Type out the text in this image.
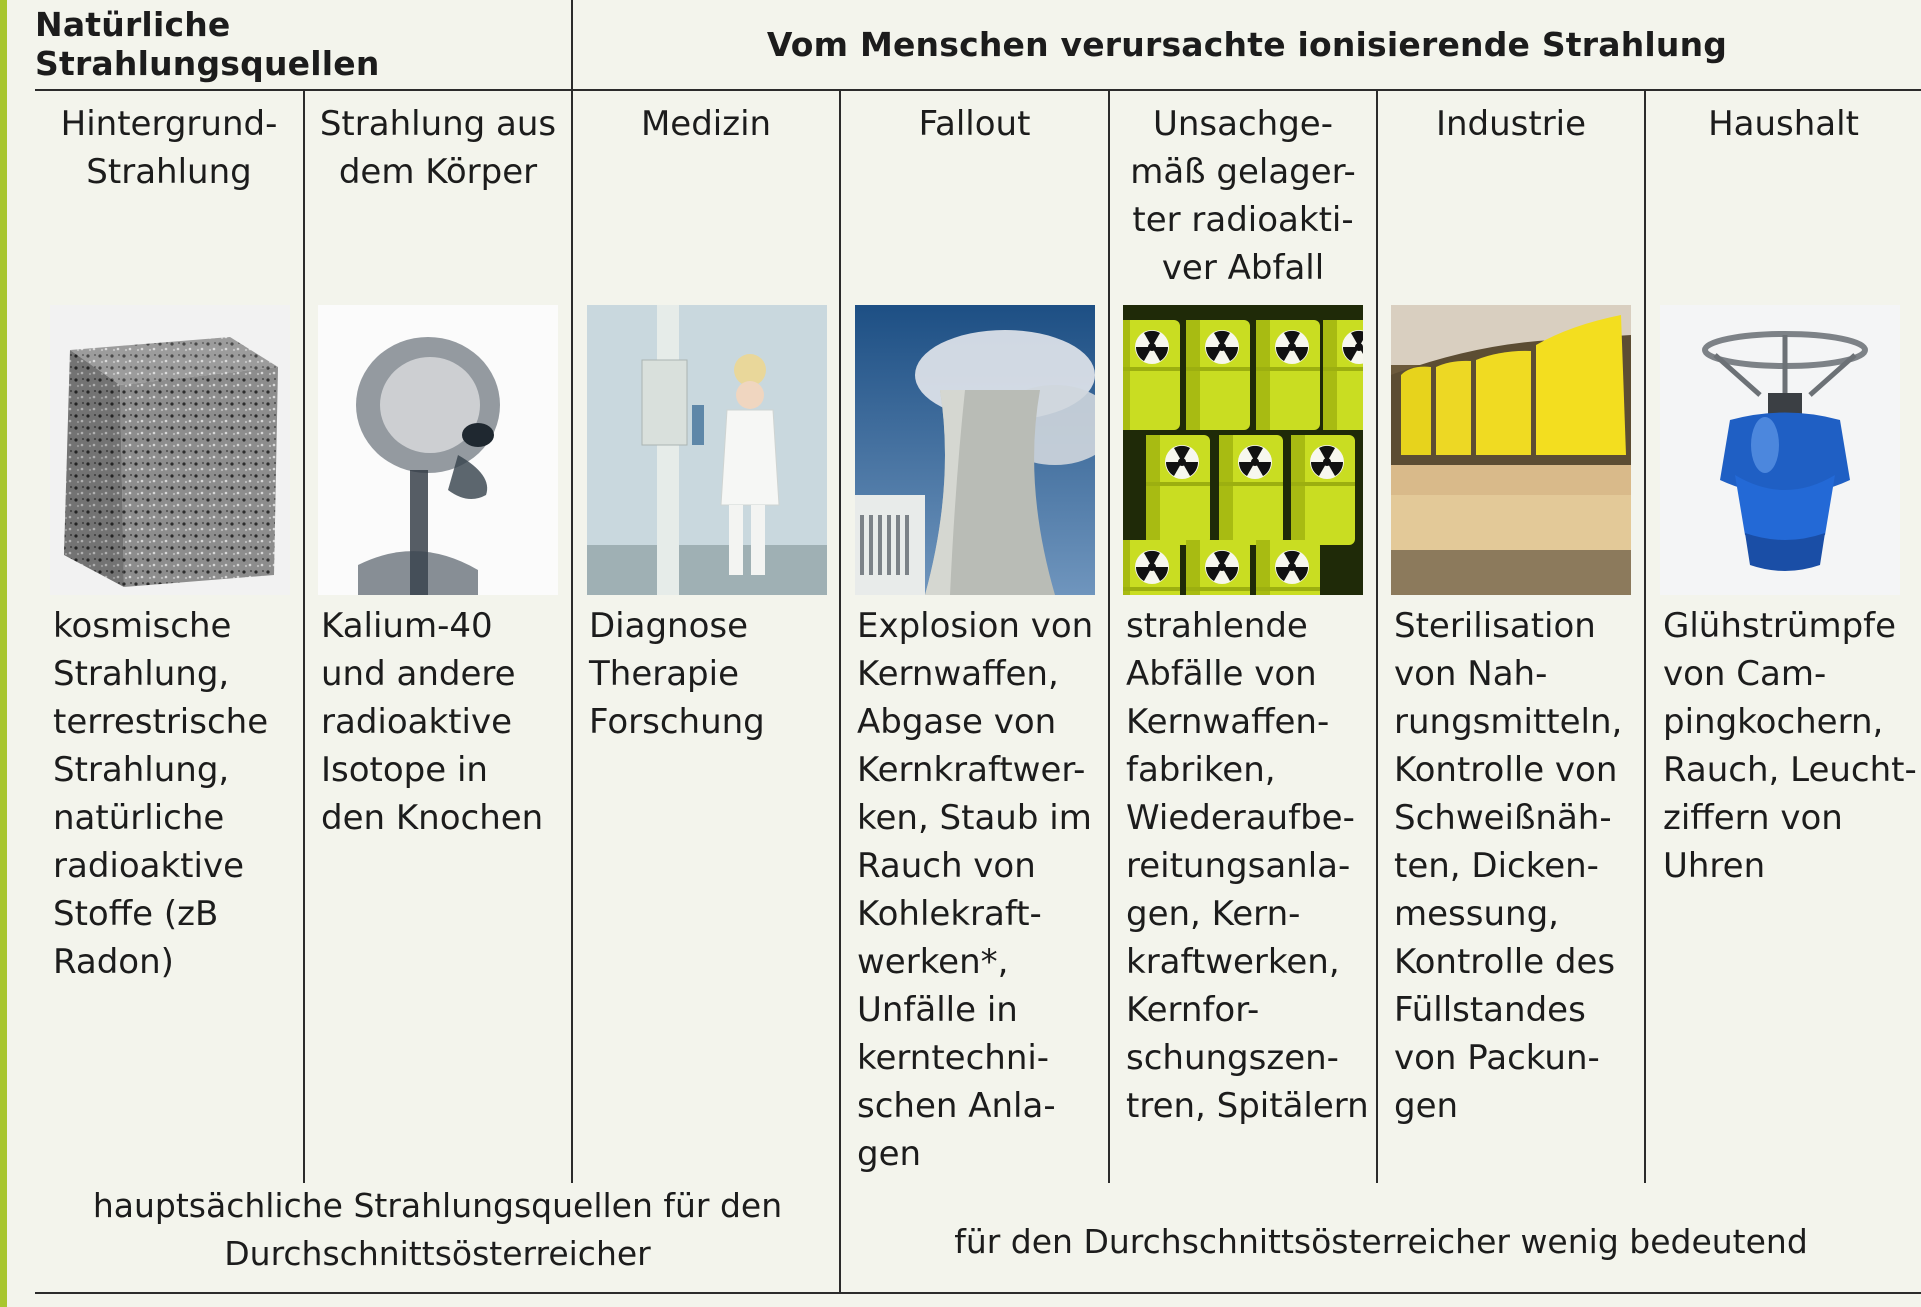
Natürliche Strahlungsquellen	Vom Menschen verursachte ionisierende Strahlung
Hintergrund-
Strahlung
kosmische
Strahlung,
terrestrische
Strahlung,
natürliche
radioaktive
Stoffe (zB
Radon)
Strahlung aus
dem Körper
Kalium-40
und andere
radioaktive
Isotope in
den Knochen
Medizin
Diagnose
Therapie
Forschung
Fallout
Explosion von
Kernwaffen,
Abgase von
Kernkraftwer-
ken, Staub im
Rauch von
Kohlekraft-
werken*,
Unfälle in
kerntechni-
schen Anla-
gen
Unsachge-
mäß gelager-
ter radioakti-
ver Abfall
strahlende
Abfälle von
Kernwaffen-
fabriken,
Wiederaufbe-
reitungsanla-
gen, Kern-
kraftwerken,
Kernfor-
schungszen-
tren, Spitälern
Industrie
Sterilisation
von Nah-
rungsmitteln,
Kontrolle von
Schweißnäh-
ten, Dicken-
messung,
Kontrolle des
Füllstandes
von Packun-
gen
Haushalt
Glühstrümpfe
von Cam-
pingkochern,
Rauch, Leucht-
ziffern von
Uhren
hauptsächliche Strahlungsquellen für den
Durchschnittsösterreicher	für den Durchschnittsösterreicher wenig bedeutend
